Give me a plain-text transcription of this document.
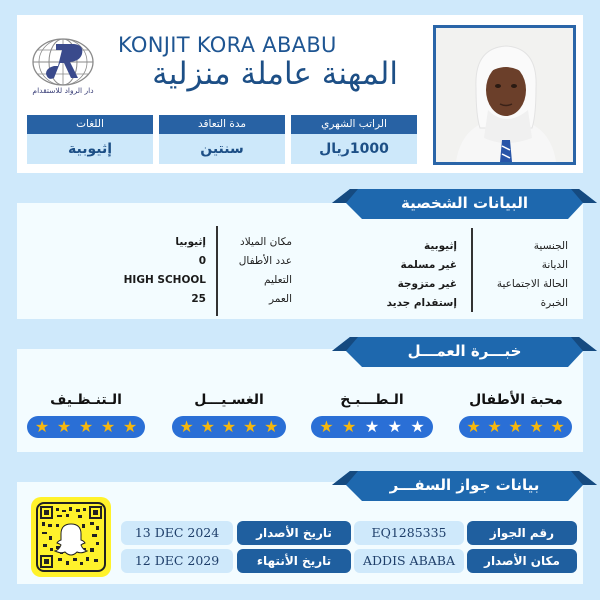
دار الرواد للاستقدام
KONJIT KORA ABABU
المهنة عاملة منزلية
اللغات
إثيوبية
مدة التعاقد
سنتين
الراتب الشهري
1000ريال
البيانات الشخصية
الجنسية
الديانة
الحالة الاجتماعية
الخبرة
إثيوبية
غير مسلمة
غير متزوجة
إستقدام جديد
مكان الميلاد
عدد الأطفال
التعليم
العمر
إثيوبيا
0
HIGH SCHOOL
25
خبـــرة العمـــل
محبة الأطفال
★ ★ ★ ★ ★
الـطـــبـخ
★ ★ ★ ★ ★
الغسـيـــل
★ ★ ★ ★ ★
الـتنـظـيف
★ ★ ★ ★ ★
بيانات جواز السفـــر
رقم الجواز
EQ1285335
تاريخ الأصدار
13 DEC 2024
مكان الأصدار
ADDIS ABABA
تاريخ الأنتهاء
12 DEC 2029
